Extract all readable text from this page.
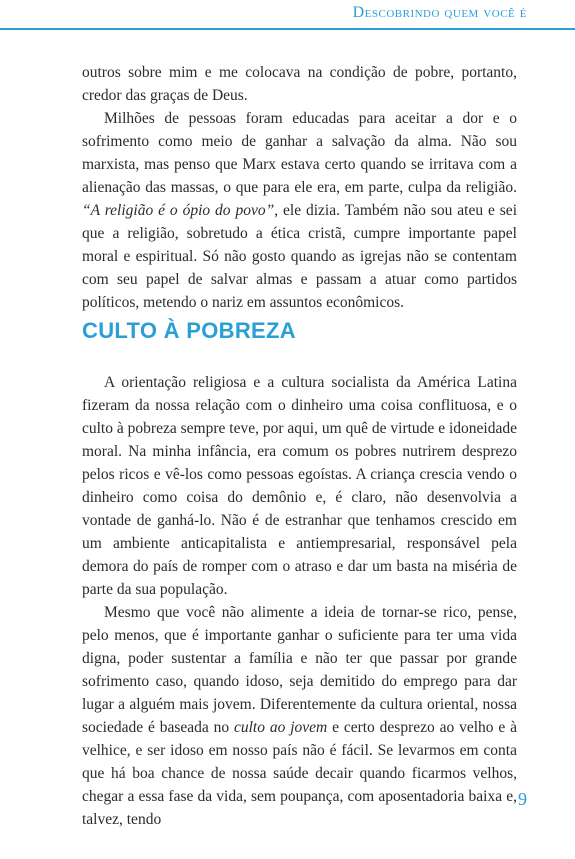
Descobrindo quem você é

outros sobre mim e me colocava na condição de pobre, portanto, credor das graças de Deus.

Milhões de pessoas foram educadas para aceitar a dor e o sofrimento como meio de ganhar a salvação da alma. Não sou marxista, mas penso que Marx estava certo quando se irritava com a alienação das massas, o que para ele era, em parte, culpa da religião. “A religião é o ópio do povo”, ele dizia. Também não sou ateu e sei que a religião, sobretudo a ética cristã, cumpre importante papel moral e espiritual. Só não gosto quando as igrejas não se contentam com seu papel de salvar almas e passam a atuar como partidos políticos, metendo o nariz em assuntos econômicos.

CULTO À POBREZA

A orientação religiosa e a cultura socialista da América Latina fizeram da nossa relação com o dinheiro uma coisa conflituosa, e o culto à pobreza sempre teve, por aqui, um quê de virtude e idoneidade moral. Na minha infância, era comum os pobres nutrirem desprezo pelos ricos e vê-los como pessoas egoístas. A criança crescia vendo o dinheiro como coisa do demônio e, é claro, não desenvolvia a vontade de ganhá-lo. Não é de estranhar que tenhamos crescido em um ambiente anticapitalista e antiempresarial, responsável pela demora do país de romper com o atraso e dar um basta na miséria de parte da sua população.

Mesmo que você não alimente a ideia de tornar-se rico, pense, pelo menos, que é importante ganhar o suficiente para ter uma vida digna, poder sustentar a família e não ter que passar por grande sofrimento caso, quando idoso, seja demitido do emprego para dar lugar a alguém mais jovem. Diferentemente da cultura oriental, nossa sociedade é baseada no culto ao jovem e certo desprezo ao velho e à velhice, e ser idoso em nosso país não é fácil. Se levarmos em conta que há boa chance de nossa saúde decair quando ficarmos velhos, chegar a essa fase da vida, sem poupança, com aposentadoria baixa e, talvez, tendo

9
